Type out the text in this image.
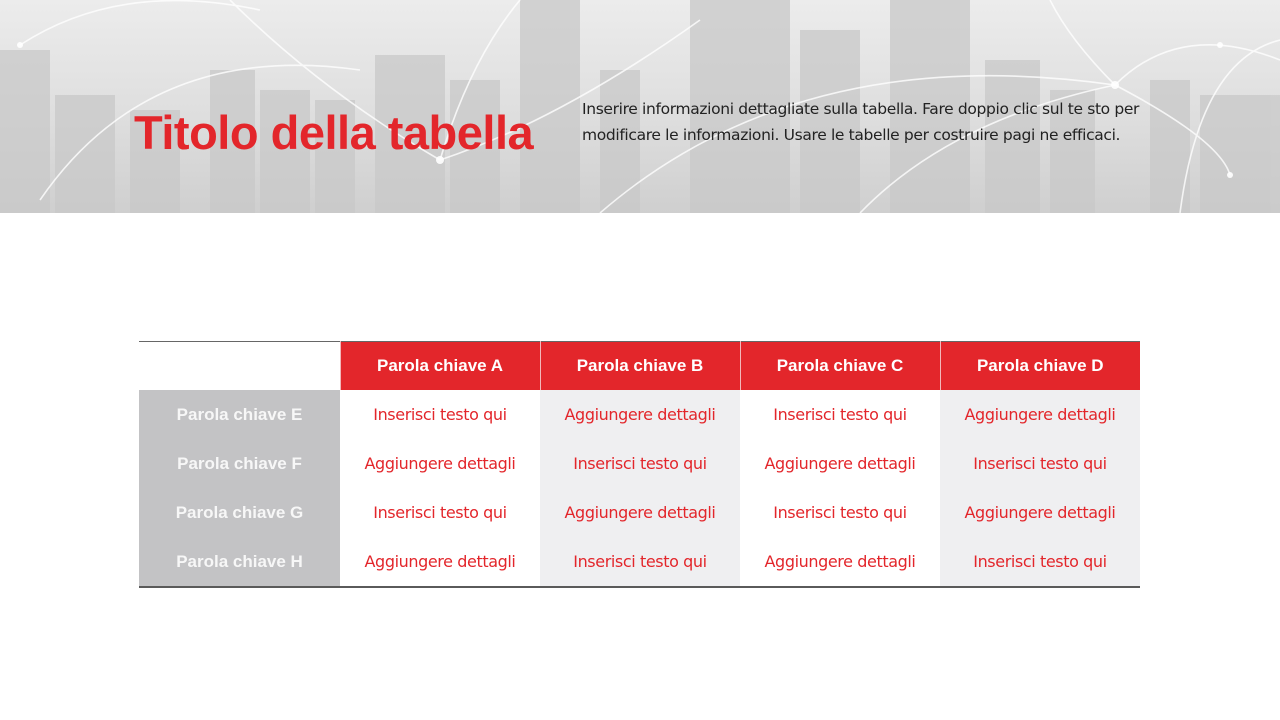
Titolo della tabella	Inserire informazioni dettagliate sulla tabella. Fare doppio clic sul te sto per modificare le informazioni. Usare le tabelle per costruire pagi ne efficaci.
	Parola chiave A	Parola chiave B	Parola chiave C	Parola chiave D
Parola chiave E	Inserisci testo qui	Aggiungere dettagli	Inserisci testo qui	Aggiungere dettagli
Parola chiave F	Aggiungere dettagli	Inserisci testo qui	Aggiungere dettagli	Inserisci testo qui
Parola chiave G	Inserisci testo qui	Aggiungere dettagli	Inserisci testo qui	Aggiungere dettagli
Parola chiave H	Aggiungere dettagli	Inserisci testo qui	Aggiungere dettagli	Inserisci testo qui
